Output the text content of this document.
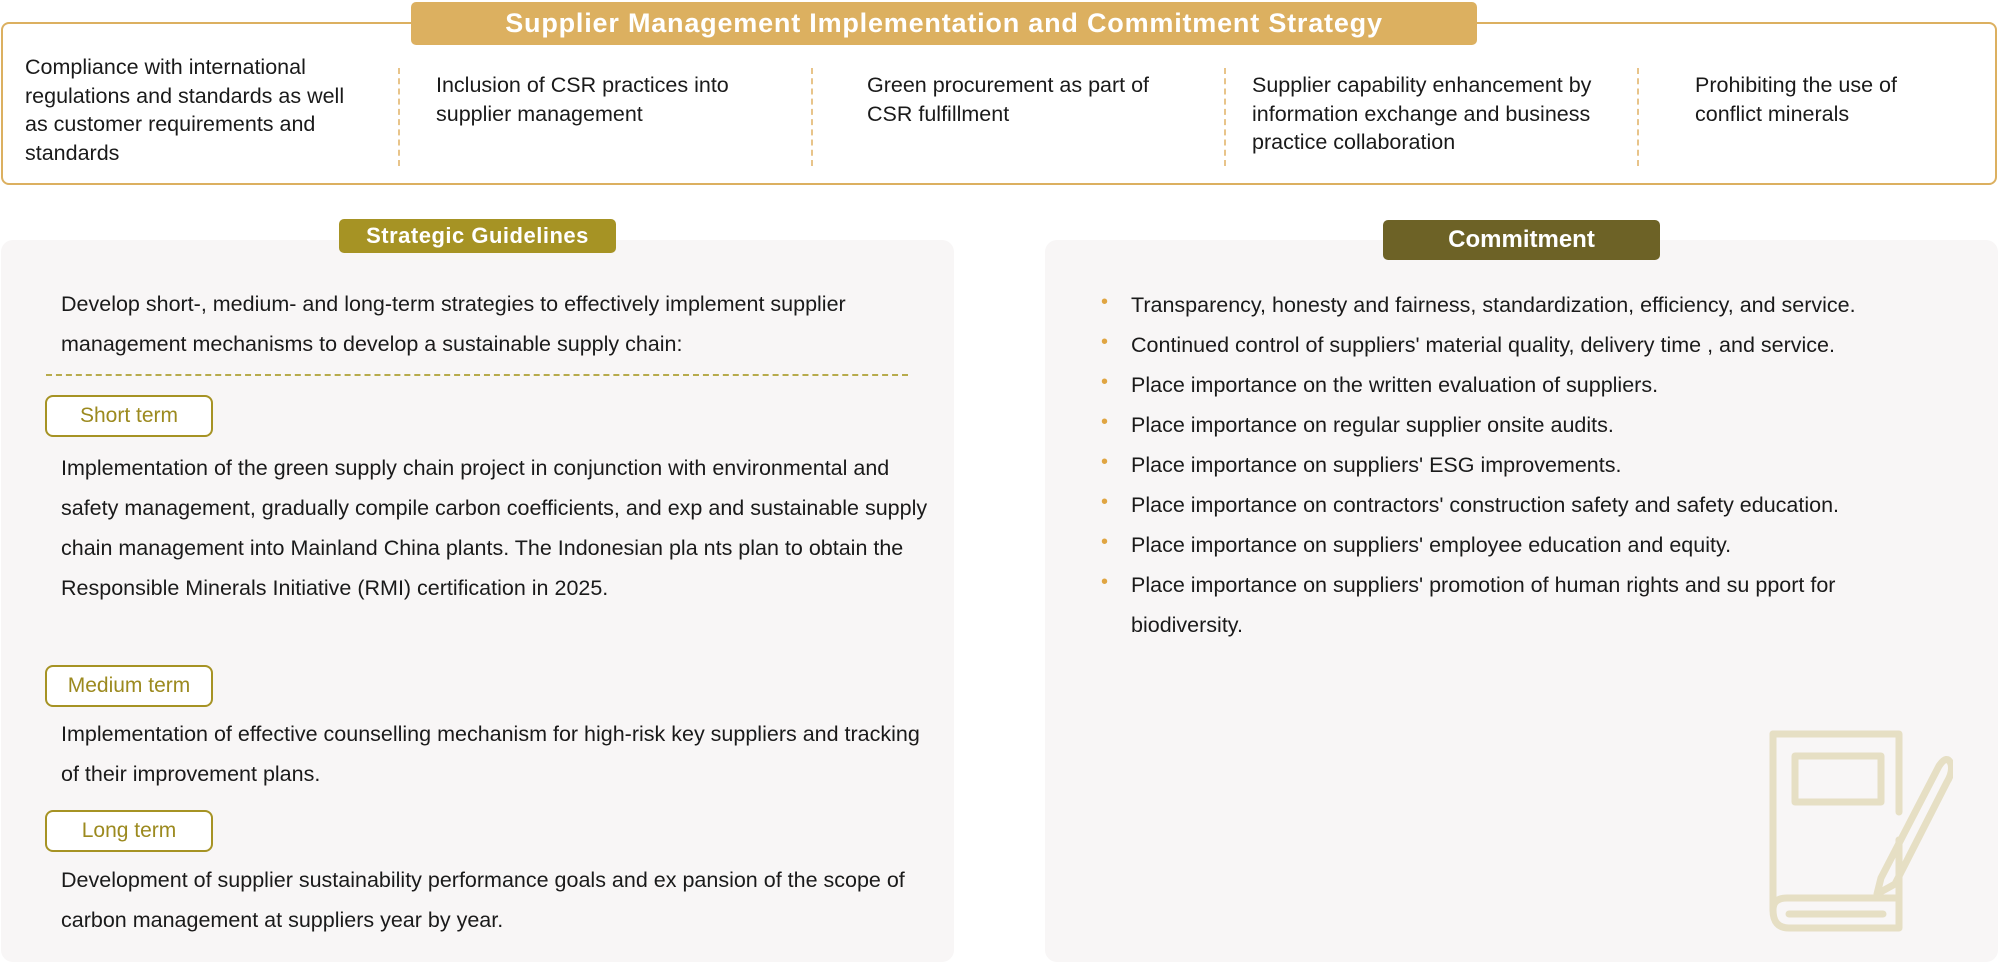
Supplier Management Implementation and Commitment Strategy
Compliance with international regulations and standards as well as customer requirements and standards
Inclusion of CSR practices into supplier management
Green procurement as part of CSR fulfillment
Supplier capability enhancement by information exchange and business practice collaboration
Prohibiting the use of conflict minerals
Strategic Guidelines
Develop short-, medium- and long-term strategies to effectively implement supplier management mechanisms to develop a sustainable supply chain:
Short term
Implementation of the green supply chain project in conjunction with environmental and safety management, gradually compile carbon coefficients, and exp and sustainable supply chain management into Mainland China plants. The Indonesian pla nts plan to obtain the Responsible Minerals Initiative (RMI) certification in 2025.
Medium term
Implementation of effective counselling mechanism for high-risk key suppliers and tracking of their improvement plans.
Long term
Development of supplier sustainability performance goals and ex pansion of the scope of carbon management at suppliers year by year.
Commitment
• Transparency, honesty and fairness, standardization, efficiency, and service.
• Continued control of suppliers' material quality, delivery time , and service.
• Place importance on the written evaluation of suppliers.
• Place importance on regular supplier onsite audits.
• Place importance on suppliers' ESG improvements.
• Place importance on contractors' construction safety and safety education.
• Place importance on suppliers' employee education and equity.
• Place importance on suppliers' promotion of human rights and su pport for biodiversity.
